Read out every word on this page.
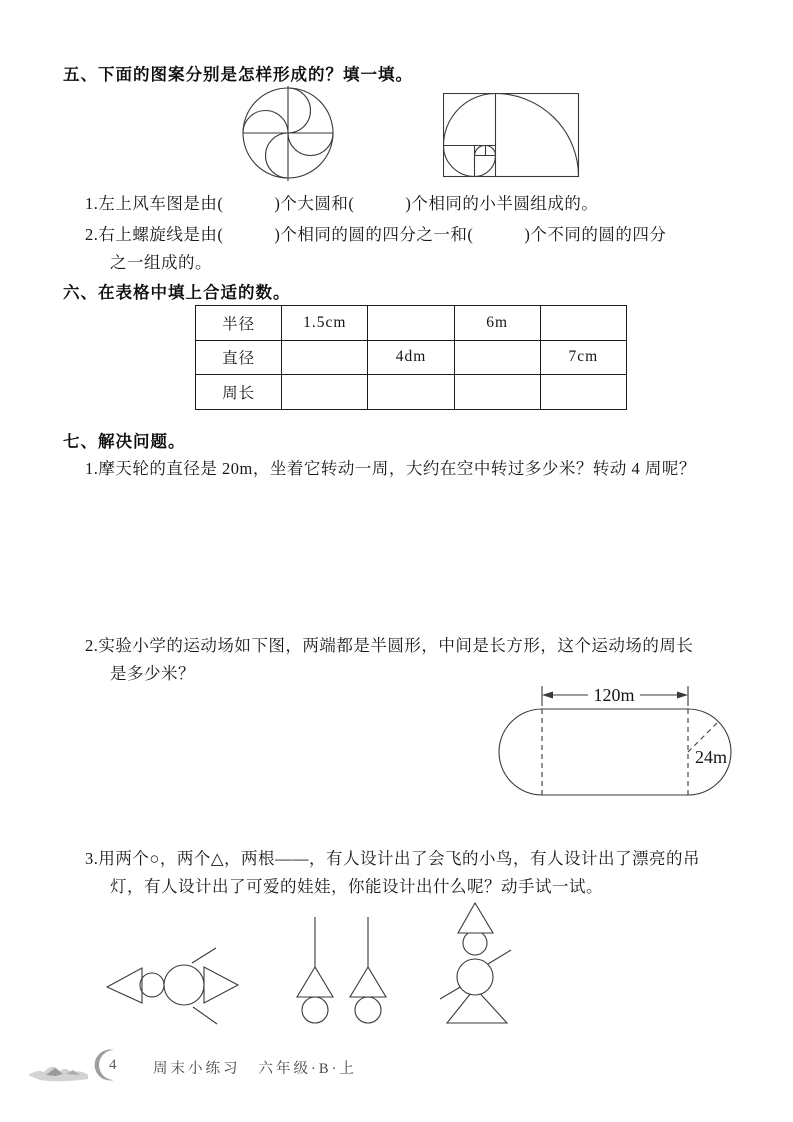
五、下面的图案分别是怎样形成的？填一填。
1.左上风车图是由(　　　)个大圆和(　　　)个相同的小半圆组成的。
2.右上螺旋线是由(　　　)个相同的圆的四分之一和(　　　)个不同的圆的四分
之一组成的。
六、在表格中填上合适的数。
半径	1.5cm		6m	
直径		4dm		7cm
周长				
七、解决问题。
1.摩天轮的直径是 20m，坐着它转动一周，大约在空中转过多少米？转动 4 周呢？
2.实验小学的运动场如下图，两端都是半圆形，中间是长方形，这个运动场的周长
是多少米？
120m
24m
3.用两个○，两个△，两根——，有人设计出了会飞的小鸟，有人设计出了漂亮的吊
灯，有人设计出了可爱的娃娃，你能设计出什么呢？动手试一试。
4	周末小练习 六年级·B·上
